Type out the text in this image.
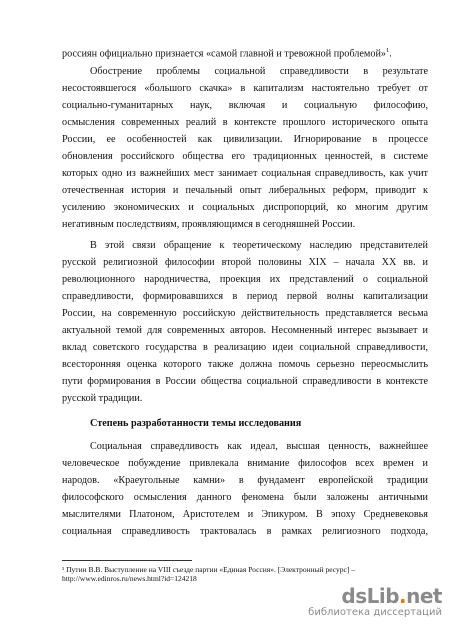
россиян официально признается «самой главной и тревожной проблемой»$^1$.
Обострение проблемы социальной справедливости в результате
несостоявшегося «большого скачка» в капитализм настоятельно требует от
социально-гуманитарных наук, включая и социальную философию,
осмысления современных реалий в контексте прошлого исторического опыта
России, ее особенностей как цивилизации. Игнорирование в процессе
обновления российского общества его традиционных ценностей, в системе
которых одно из важнейших мест занимает социальная справедливость, как учит
отечественная история и печальный опыт либеральных реформ, приводит к
усилению экономических и социальных диспропорций, ко многим другим
негативным последствиям, проявляющимся в сегодняшней России.
В этой связи обращение к теоретическому наследию представителей
русской религиозной философии второй половины XIX – начала XX вв. и
революционного народничества, проекция их представлений о социальной
справедливости, формировавшихся в период первой волны капитализации
России, на современную российскую действительность представляется весьма
актуальной темой для современных авторов. Несомненный интерес вызывает и
вклад советского государства в реализацию идеи социальной справедливости,
всесторонняя оценка которого также должна помочь серьезно переосмыслить
пути формирования в России общества социальной справедливости в контексте
русской традиции.
Степень разработанности темы исследования
Социальная справедливость как идеал, высшая ценность, важнейшее
человеческое побуждение привлекала внимание философов всех времен и
народов. «Краеугольные камни» в фундамент европейской традиции
философского осмысления данного феномена были заложены античными
мыслителями Платоном, Аристотелем и Эпикуром. В эпоху Средневековья
социальная справедливость трактовалась в рамках религиозного подхода,
¹ Путин В.В. Выступление на VIII съезде партии «Единая Россия». [Электронный ресурс] –
http://www.edinros.ru/news.html?id=124218
dsLib.net
библиотека диссертаций
